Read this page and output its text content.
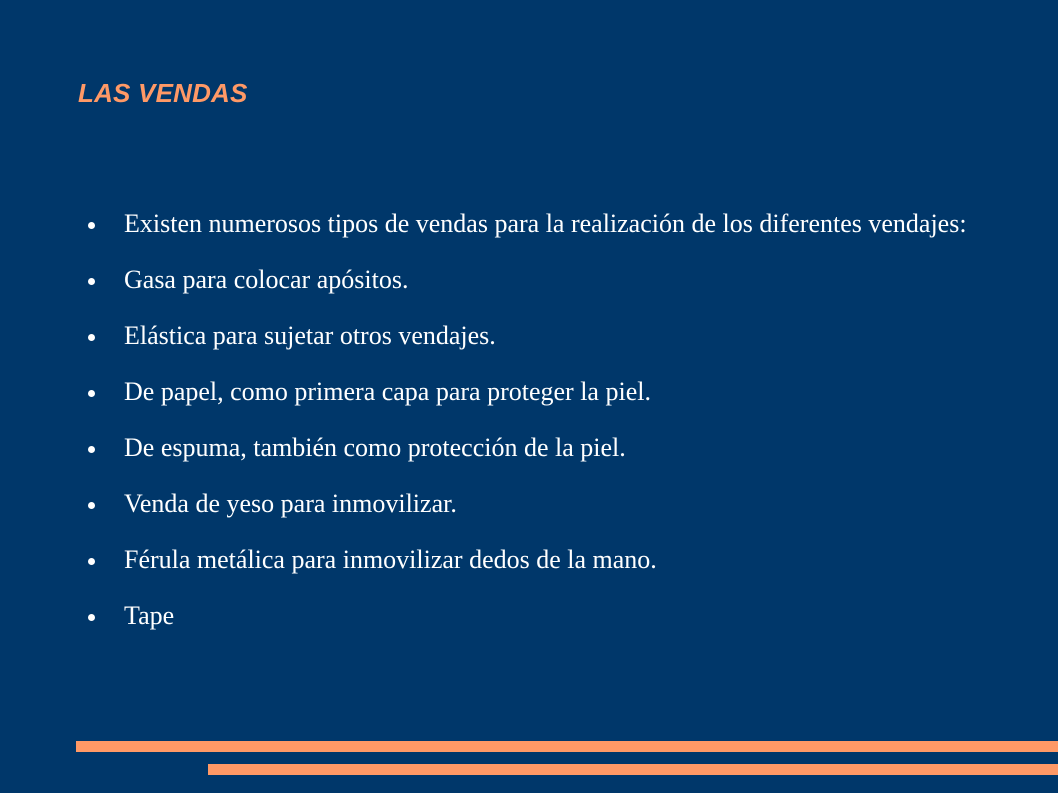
LAS VENDAS
Existen numerosos tipos de vendas para la realización de los diferentes vendajes:
Gasa para colocar apósitos.
Elástica para sujetar otros vendajes.
De papel, como primera capa para proteger la piel.
De espuma, también como protección de la piel.
Venda de yeso para inmovilizar.
Férula metálica para inmovilizar dedos de la mano.
Tape
